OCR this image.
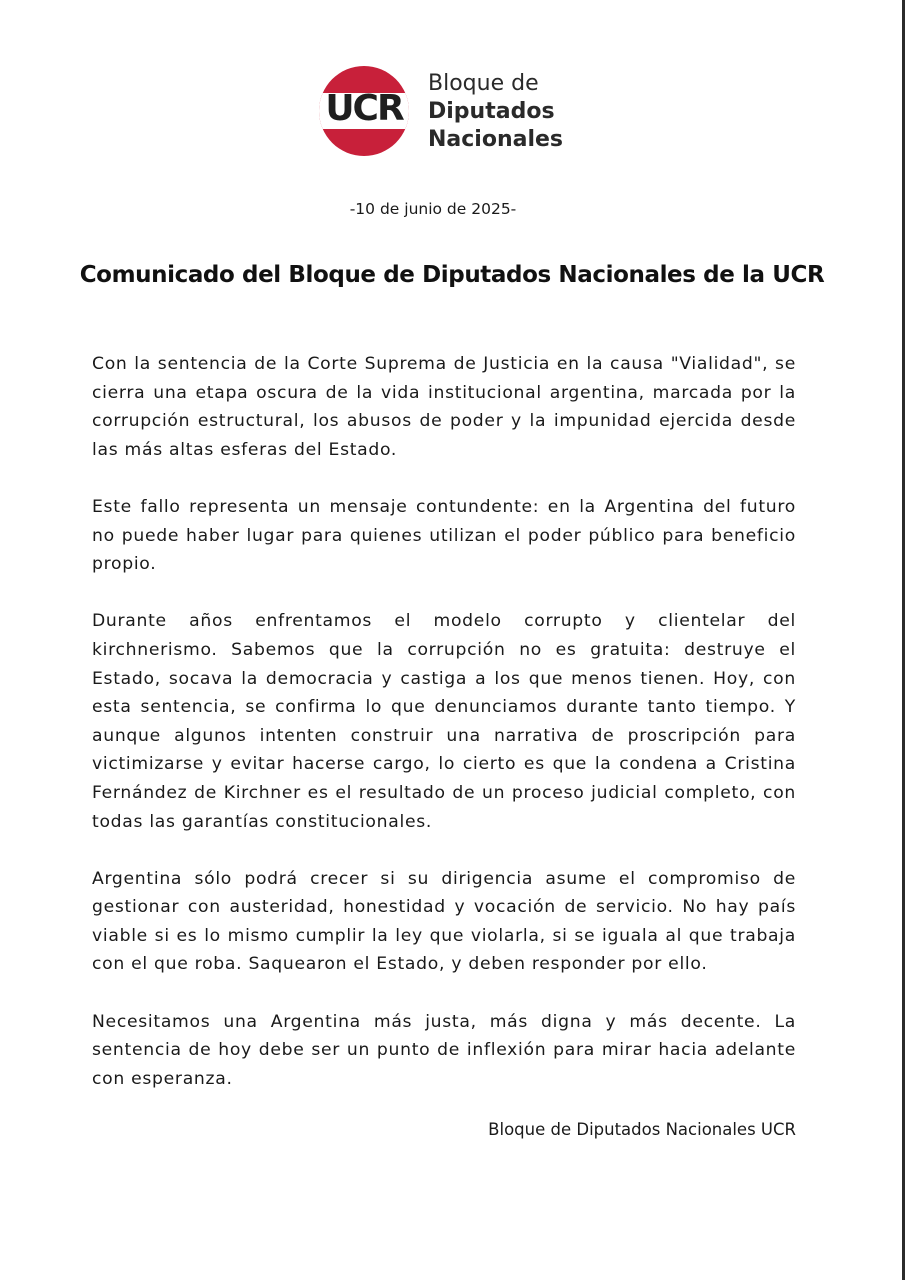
UCR
Bloque de
Diputados
Nacionales
-10 de junio de 2025-
Comunicado del Bloque de Diputados Nacionales de la UCR

Con la sentencia de la Corte Suprema de Justicia en la causa "Vialidad", se cierra una etapa oscura de la vida institucional argentina, marcada por la corrupción estructural, los abusos de poder y la impunidad ejercida desde las más altas esferas del Estado.

Este fallo representa un mensaje contundente: en la Argentina del futuro no puede haber lugar para quienes utilizan el poder público para beneficio propio.

Durante años enfrentamos el modelo corrupto y clientelar del kirchnerismo. Sabemos que la corrupción no es gratuita: destruye el Estado, socava la democracia y castiga a los que menos tienen. Hoy, con esta sentencia, se confirma lo que denunciamos durante tanto tiempo. Y aunque algunos intenten construir una narrativa de proscripción para victimizarse y evitar hacerse cargo, lo cierto es que la condena a Cristina Fernández de Kirchner es el resultado de un proceso judicial completo, con todas las garantías constitucionales.

Argentina sólo podrá crecer si su dirigencia asume el compromiso de gestionar con austeridad, honestidad y vocación de servicio. No hay país viable si es lo mismo cumplir la ley que violarla, si se iguala al que trabaja con el que roba. Saquearon el Estado, y deben responder por ello.

Necesitamos una Argentina más justa, más digna y más decente. La sentencia de hoy debe ser un punto de inflexión para mirar hacia adelante con esperanza.

Bloque de Diputados Nacionales UCR
